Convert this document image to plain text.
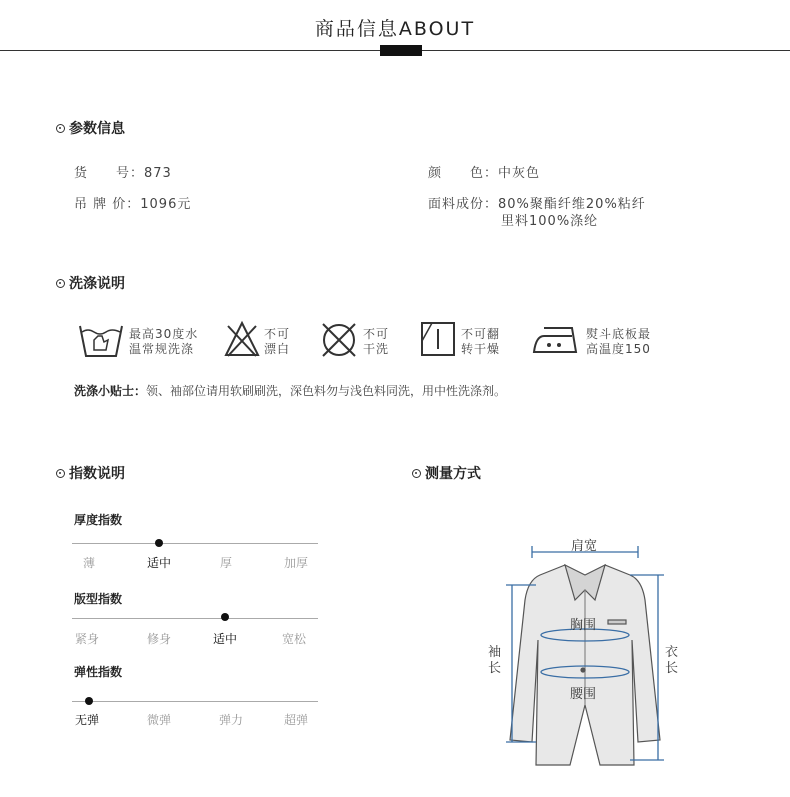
商品信息ABOUT
参数信息
货　　号：873
吊 牌 价：1096元
颜　　色：中灰色
面料成份：80%聚酯纤维20%粘纤
里料100%涤纶
洗涤说明
最高30度水
温常规洗涤
不可
漂白
不可
干洗
不可翻
转干燥
熨斗底板最
高温度150
洗涤小贴士：领、袖部位请用软刷刷洗，深色料勿与浅色料同洗，用中性洗涤剂。
指数说明
厚度指数
薄	适中	厚	加厚
版型指数
紧身	修身	适中	宽松
弹性指数
无弹	微弹	弹力	超弹
测量方式
肩宽
胸围
腰围
袖长
衣长
